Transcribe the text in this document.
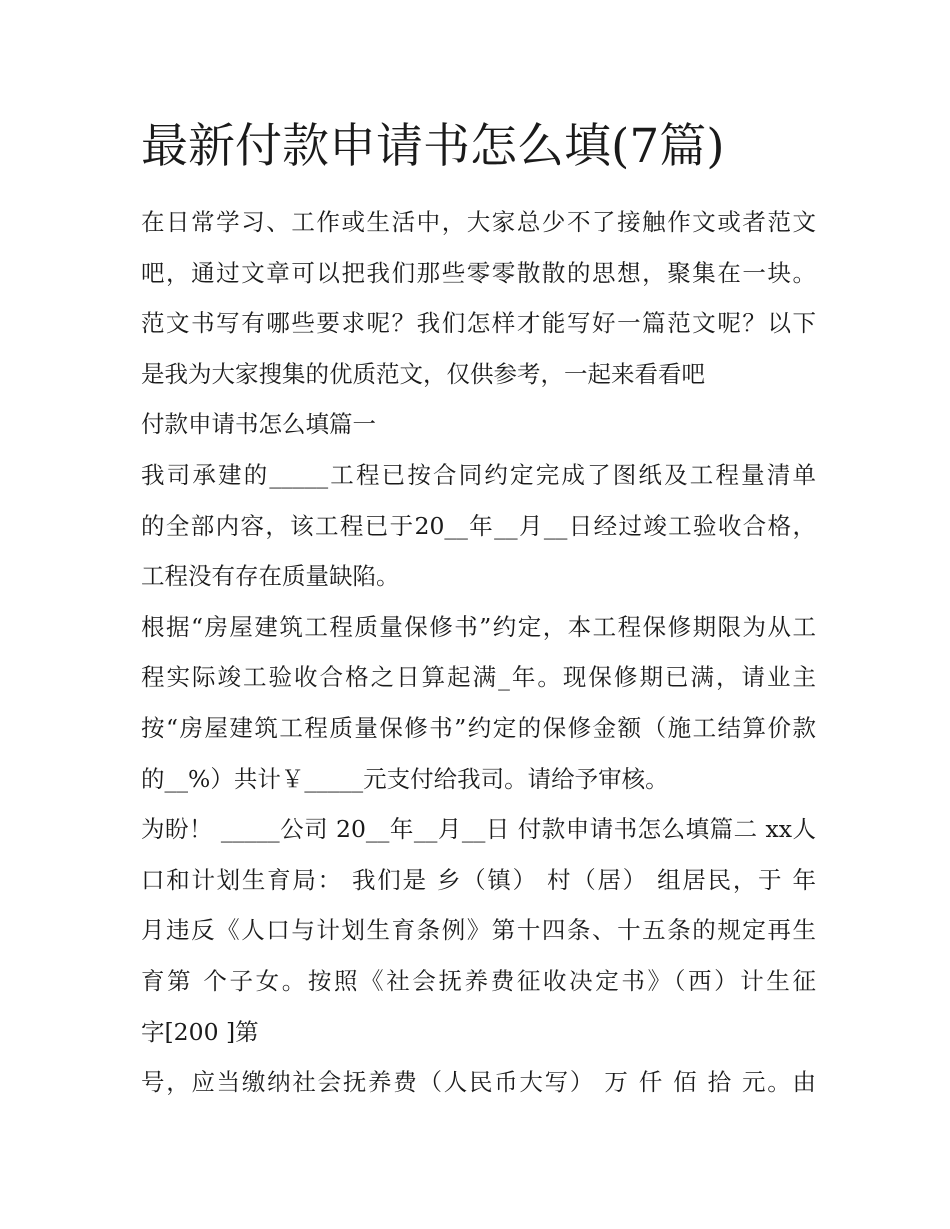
最新付款申请书怎么填(7篇)
在日常学习、工作或生活中，大家总少不了接触作文或者范文
吧，通过文章可以把我们那些零零散散的思想，聚集在一块。
范文书写有哪些要求呢？我们怎样才能写好一篇范文呢？以下
是我为大家搜集的优质范文，仅供参考，一起来看看吧
付款申请书怎么填篇一
我司承建的_____工程已按合同约定完成了图纸及工程量清单
的全部内容，该工程已于20__年__月__日经过竣工验收合格，
工程没有存在质量缺陷。
根据“房屋建筑工程质量保修书”约定，本工程保修期限为从工
程实际竣工验收合格之日算起满_年。现保修期已满，请业主
按“房屋建筑工程质量保修书”约定的保修金额（施工结算价款
的__%）共计￥_____元支付给我司。请给予审核。
为盼！ _____公司 20__年__月__日 付款申请书怎么填篇二 xx人
口和计划生育局： 我们是 乡（镇） 村（居） 组居民，于 年
月违反《人口与计划生育条例》第十四条、十五条的规定再生
育第 个子女。按照《社会抚养费征收决定书》（西）计生征
字[200 ]第
号，应当缴纳社会抚养费（人民币大写） 万 仟 佰 拾 元。由
